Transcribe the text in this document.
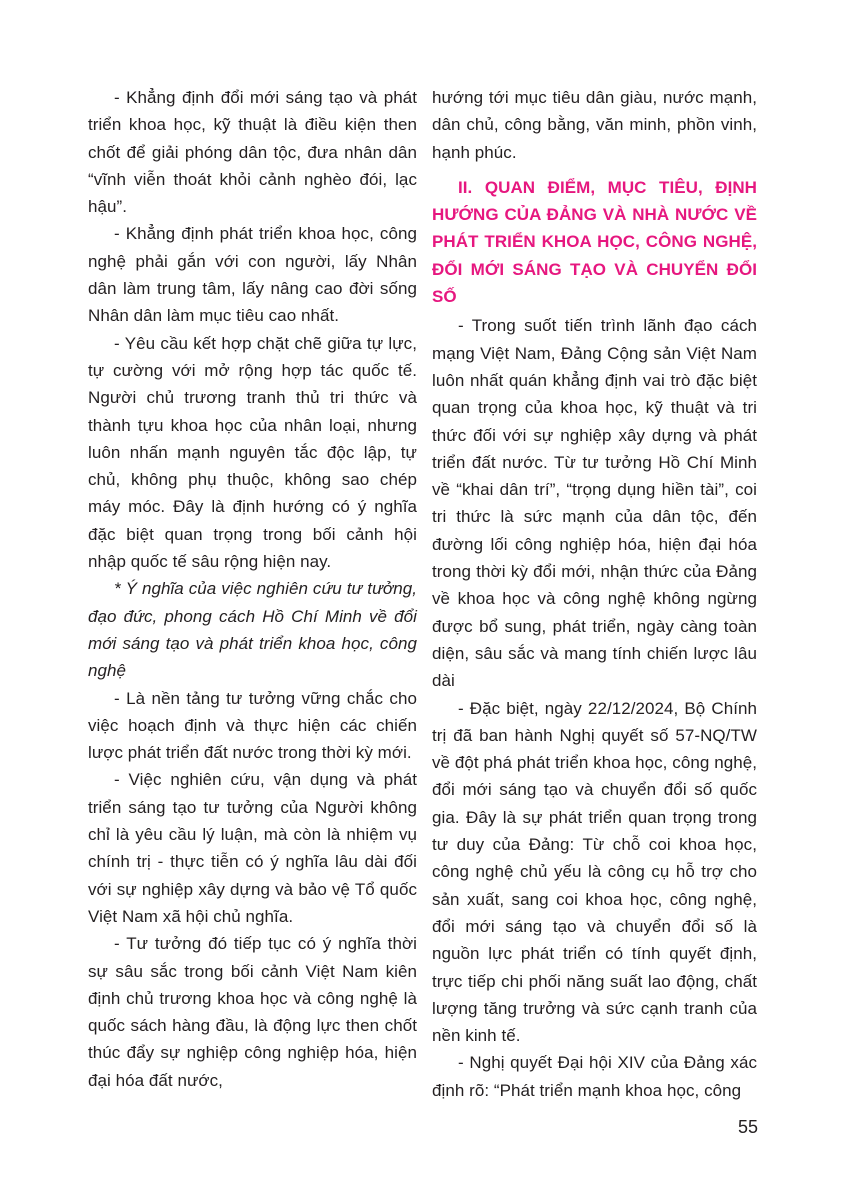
- Khẳng định đổi mới sáng tạo và phát triển khoa học, kỹ thuật là điều kiện then chốt để giải phóng dân tộc, đưa nhân dân “vĩnh viễn thoát khỏi cảnh nghèo đói, lạc hậu”.

- Khẳng định phát triển khoa học, công nghệ phải gắn với con người, lấy Nhân dân làm trung tâm, lấy nâng cao đời sống Nhân dân làm mục tiêu cao nhất.

- Yêu cầu kết hợp chặt chẽ giữa tự lực, tự cường với mở rộng hợp tác quốc tế. Người chủ trương tranh thủ tri thức và thành tựu khoa học của nhân loại, nhưng luôn nhấn mạnh nguyên tắc độc lập, tự chủ, không phụ thuộc, không sao chép máy móc. Đây là định hướng có ý nghĩa đặc biệt quan trọng trong bối cảnh hội nhập quốc tế sâu rộng hiện nay.

* Ý nghĩa của việc nghiên cứu tư tưởng, đạo đức, phong cách Hồ Chí Minh về đổi mới sáng tạo và phát triển khoa học, công nghệ

- Là nền tảng tư tưởng vững chắc cho việc hoạch định và thực hiện các chiến lược phát triển đất nước trong thời kỳ mới.

- Việc nghiên cứu, vận dụng và phát triển sáng tạo tư tưởng của Người không chỉ là yêu cầu lý luận, mà còn là nhiệm vụ chính trị - thực tiễn có ý nghĩa lâu dài đối với sự nghiệp xây dựng và bảo vệ Tổ quốc Việt Nam xã hội chủ nghĩa.

- Tư tưởng đó tiếp tục có ý nghĩa thời sự sâu sắc trong bối cảnh Việt Nam kiên định chủ trương khoa học và công nghệ là quốc sách hàng đầu, là động lực then chốt thúc đẩy sự nghiệp công nghiệp hóa, hiện đại hóa đất nước,

hướng tới mục tiêu dân giàu, nước mạnh, dân chủ, công bằng, văn minh, phồn vinh, hạnh phúc.

II. QUAN ĐIỂM, MỤC TIÊU, ĐỊNH HƯỚNG CỦA ĐẢNG VÀ NHÀ NƯỚC VỀ PHÁT TRIỂN KHOA HỌC, CÔNG NGHỆ, ĐỔI MỚI SÁNG TẠO VÀ CHUYỂN ĐỔI SỐ

- Trong suốt tiến trình lãnh đạo cách mạng Việt Nam, Đảng Cộng sản Việt Nam luôn nhất quán khẳng định vai trò đặc biệt quan trọng của khoa học, kỹ thuật và tri thức đối với sự nghiệp xây dựng và phát triển đất nước. Từ tư tưởng Hồ Chí Minh về “khai dân trí”, “trọng dụng hiền tài”, coi tri thức là sức mạnh của dân tộc, đến đường lối công nghiệp hóa, hiện đại hóa trong thời kỳ đổi mới, nhận thức của Đảng về khoa học và công nghệ không ngừng được bổ sung, phát triển, ngày càng toàn diện, sâu sắc và mang tính chiến lược lâu dài

- Đặc biệt, ngày 22/12/2024, Bộ Chính trị đã ban hành Nghị quyết số 57-NQ/TW về đột phá phát triển khoa học, công nghệ, đổi mới sáng tạo và chuyển đổi số quốc gia. Đây là sự phát triển quan trọng trong tư duy của Đảng: Từ chỗ coi khoa học, công nghệ chủ yếu là công cụ hỗ trợ cho sản xuất, sang coi khoa học, công nghệ, đổi mới sáng tạo và chuyển đổi số là nguồn lực phát triển có tính quyết định, trực tiếp chi phối năng suất lao động, chất lượng tăng trưởng và sức cạnh tranh của nền kinh tế.

- Nghị quyết Đại hội XIV của Đảng xác định rõ: “Phát triển mạnh khoa học, công

55
